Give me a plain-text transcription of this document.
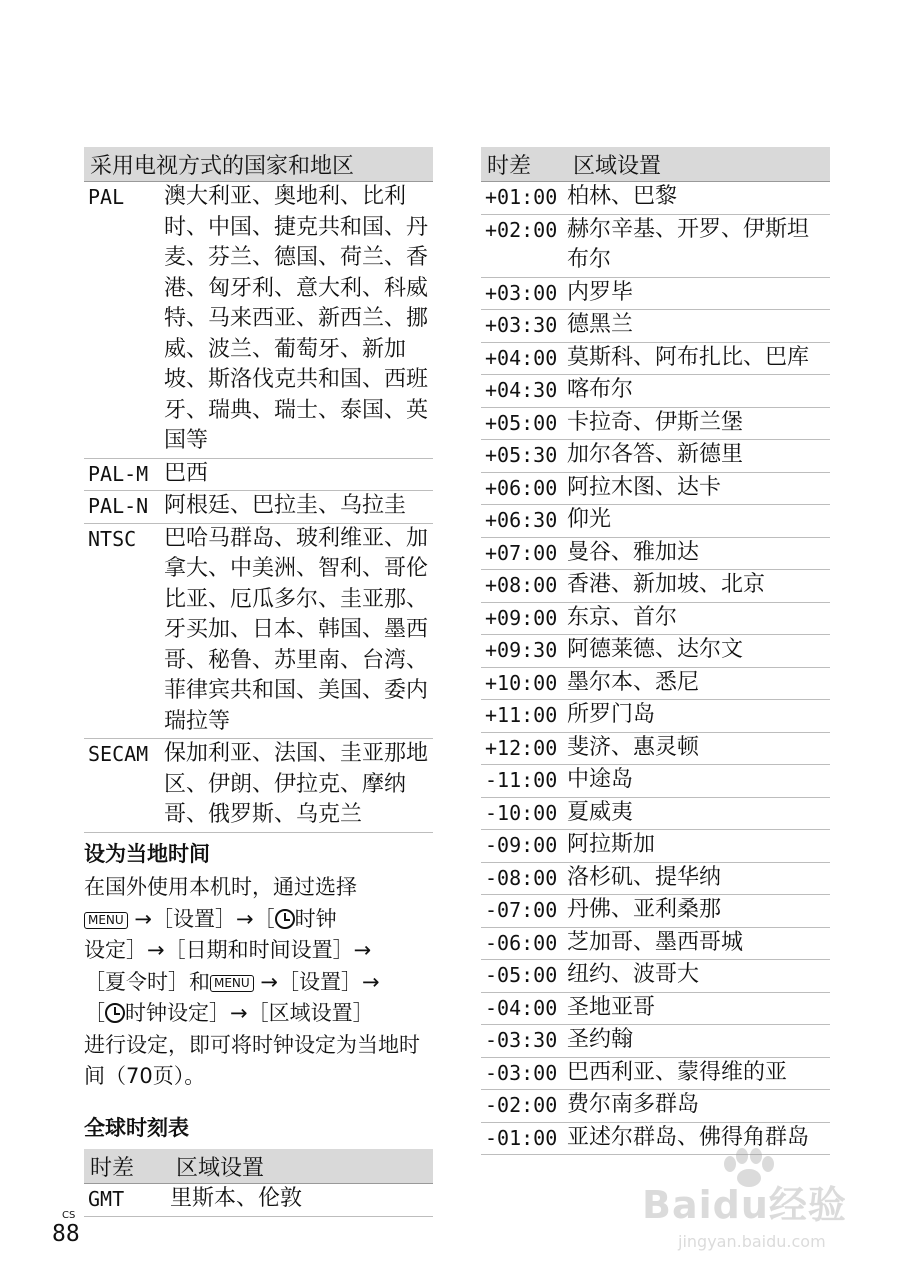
采用电视方式的国家和地区	
PAL	澳大利亚、奥地利、比利时、中国、捷克共和国、丹麦、芬兰、德国、荷兰、香港、匈牙利、意大利、科威特、马来西亚、新西兰、挪威、波兰、葡萄牙、新加坡、斯洛伐克共和国、西班牙、瑞典、瑞士、泰国、英国等
PAL-M	巴西
PAL-N	阿根廷、巴拉圭、乌拉圭
NTSC	巴哈马群岛、玻利维亚、加拿大、中美洲、智利、哥伦比亚、厄瓜多尔、圭亚那、牙买加、日本、韩国、墨西哥、秘鲁、苏里南、台湾、菲律宾共和国、美国、委内瑞拉等
SECAM	保加利亚、法国、圭亚那地区、伊朗、伊拉克、摩纳哥、俄罗斯、乌克兰
设为当地时间
在国外使用本机时，通过选择
MENU →［设置］→［ 时钟
设定］→［日期和时间设置］→
［夏令时］和 MENU →［设置］→
［ 时钟设定］→［区域设置］
进行设定，即可将时钟设定为当地时间（70页）。
全球时刻表
时差	区域设置
GMT	里斯本、伦敦
时差	区域设置
+01:00	柏林、巴黎
+02:00	赫尔辛基、开罗、伊斯坦布尔
+03:00	内罗毕
+03:30	德黑兰
+04:00	莫斯科、阿布扎比、巴库
+04:30	喀布尔
+05:00	卡拉奇、伊斯兰堡
+05:30	加尔各答、新德里
+06:00	阿拉木图、达卡
+06:30	仰光
+07:00	曼谷、雅加达
+08:00	香港、新加坡、北京
+09:00	东京、首尔
+09:30	阿德莱德、达尔文
+10:00	墨尔本、悉尼
+11:00	所罗门岛
+12:00	斐济、惠灵顿
-11:00	中途岛
-10:00	夏威夷
-09:00	阿拉斯加
-08:00	洛杉矶、提华纳
-07:00	丹佛、亚利桑那
-06:00	芝加哥、墨西哥城
-05:00	纽约、波哥大
-04:00	圣地亚哥
-03:30	圣约翰
-03:00	巴西利亚、蒙得维的亚
-02:00	费尔南多群岛
-01:00	亚述尔群岛、佛得角群岛
CS
88
Baidu经验
jingyan.baidu.com
